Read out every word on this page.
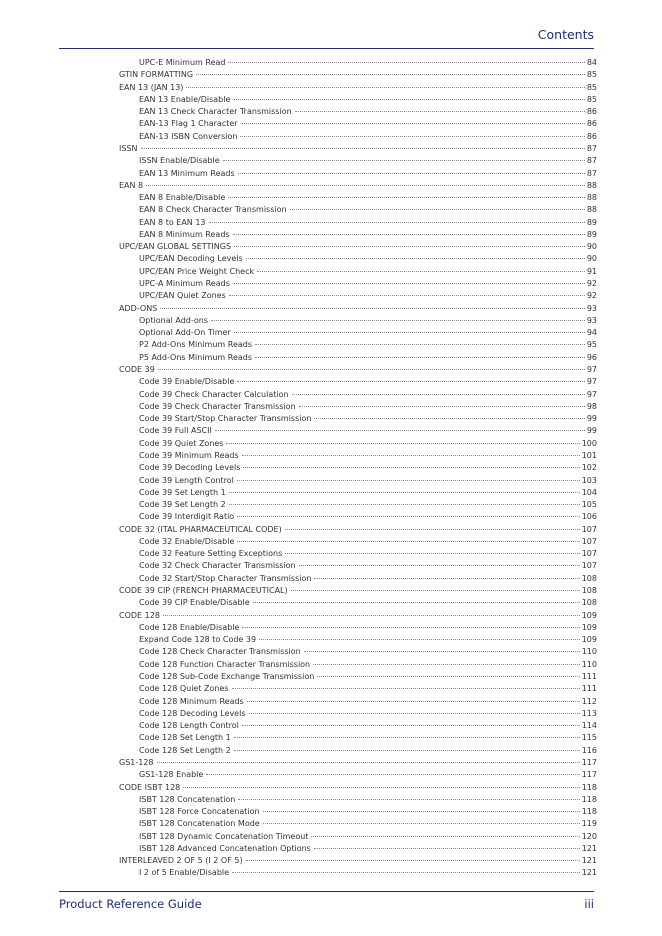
Contents
UPC-E Minimum Read	84
GTIN FORMATTING	85
EAN 13 (JAN 13)	85
EAN 13 Enable/Disable	85
EAN 13 Check Character Transmission	86
EAN-13 Flag 1 Character	86
EAN-13 ISBN Conversion	86
ISSN	87
ISSN Enable/Disable	87
EAN 13 Minimum Reads	87
EAN 8	88
EAN 8 Enable/Disable	88
EAN 8 Check Character Transmission	88
EAN 8 to EAN 13	89
EAN 8 Minimum Reads	89
UPC/EAN GLOBAL SETTINGS	90
UPC/EAN Decoding Levels	90
UPC/EAN Price Weight Check	91
UPC-A Minimum Reads	92
UPC/EAN Quiet Zones	92
ADD-ONS	93
Optional Add-ons	93
Optional Add-On Timer	94
P2 Add-Ons Minimum Reads	95
P5 Add-Ons Minimum Reads	96
CODE 39	97
Code 39 Enable/Disable	97
Code 39 Check Character Calculation	97
Code 39 Check Character Transmission	98
Code 39 Start/Stop Character Transmission	99
Code 39 Full ASCII	99
Code 39 Quiet Zones	100
Code 39 Minimum Reads	101
Code 39 Decoding Levels	102
Code 39 Length Control	103
Code 39 Set Length 1	104
Code 39 Set Length 2	105
Code 39 Interdigit Ratio	106
CODE 32 (ITAL PHARMACEUTICAL CODE)	107
Code 32 Enable/Disable	107
Code 32 Feature Setting Exceptions	107
Code 32 Check Character Transmission	107
Code 32 Start/Stop Character Transmission	108
CODE 39 CIP (FRENCH PHARMACEUTICAL)	108
Code 39 CIP Enable/Disable	108
CODE 128	109
Code 128 Enable/Disable	109
Expand Code 128 to Code 39	109
Code 128 Check Character Transmission	110
Code 128 Function Character Transmission	110
Code 128 Sub-Code Exchange Transmission	111
Code 128 Quiet Zones	111
Code 128 Minimum Reads	112
Code 128 Decoding Levels	113
Code 128 Length Control	114
Code 128 Set Length 1	115
Code 128 Set Length 2	116
GS1-128	117
GS1-128 Enable	117
CODE ISBT 128	118
ISBT 128 Concatenation	118
ISBT 128 Force Concatenation	118
ISBT 128 Concatenation Mode	119
ISBT 128 Dynamic Concatenation Timeout	120
ISBT 128 Advanced Concatenation Options	121
INTERLEAVED 2 OF 5 (I 2 OF 5)	121
I 2 of 5 Enable/Disable	121
Product Reference Guide	iii
